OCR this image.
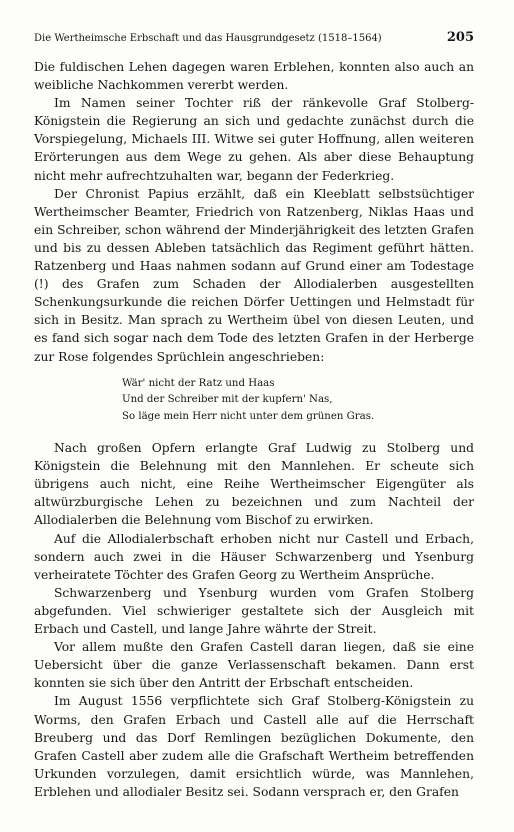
Die Wertheimsche Erbschaft und das Hausgrundgesetz (1518–1564)	205

Die fuldischen Lehen dagegen waren Erblehen, konnten also auch an weibliche Nachkommen vererbt werden.

Im Namen seiner Tochter riß der ränkevolle Graf Stolberg-Königstein die Regierung an sich und gedachte zunächst durch die Vorspiegelung, Michaels III. Witwe sei guter Hoffnung, allen weiteren Erörterungen aus dem Wege zu gehen. Als aber diese Behauptung nicht mehr aufrechtzuhalten war, begann der Federkrieg.

Der Chronist Papius erzählt, daß ein Kleeblatt selbstsüchtiger Wertheimscher Beamter, Friedrich von Ratzenberg, Niklas Haas und ein Schreiber, schon während der Minderjährigkeit des letzten Grafen und bis zu dessen Ableben tatsächlich das Regiment geführt hätten. Ratzenberg und Haas nahmen sodann auf Grund einer am Todestage (!) des Grafen zum Schaden der Allodialerben ausgestellten Schenkungsurkunde die reichen Dörfer Uettingen und Helmstadt für sich in Besitz. Man sprach zu Wertheim übel von diesen Leuten, und es fand sich sogar nach dem Tode des letzten Grafen in der Herberge zur Rose folgendes Sprüchlein angeschrieben:

Wär' nicht der Ratz und Haas
Und der Schreiber mit der kupfern' Nas,
So läge mein Herr nicht unter dem grünen Gras.

Nach großen Opfern erlangte Graf Ludwig zu Stolberg und Königstein die Belehnung mit den Mannlehen. Er scheute sich übrigens auch nicht, eine Reihe Wertheimscher Eigengüter als altwürzburgische Lehen zu bezeichnen und zum Nachteil der Allodialerben die Belehnung vom Bischof zu erwirken.

Auf die Allodialerbschaft erhoben nicht nur Castell und Erbach, sondern auch zwei in die Häuser Schwarzenberg und Ysenburg verheiratete Töchter des Grafen Georg zu Wertheim Ansprüche.

Schwarzenberg und Ysenburg wurden vom Grafen Stolberg abgefunden. Viel schwieriger gestaltete sich der Ausgleich mit Erbach und Castell, und lange Jahre währte der Streit.

Vor allem mußte den Grafen Castell daran liegen, daß sie eine Uebersicht über die ganze Verlassenschaft bekamen. Dann erst konnten sie sich über den Antritt der Erbschaft entscheiden.

Im August 1556 verpflichtete sich Graf Stolberg-Königstein zu Worms, den Grafen Erbach und Castell alle auf die Herrschaft Breuberg und das Dorf Remlingen bezüglichen Dokumente, den Grafen Castell aber zudem alle die Grafschaft Wertheim betreffenden Urkunden vorzulegen, damit ersichtlich würde, was Mannlehen, Erblehen und allodialer Besitz sei. Sodann versprach er, den Grafen
